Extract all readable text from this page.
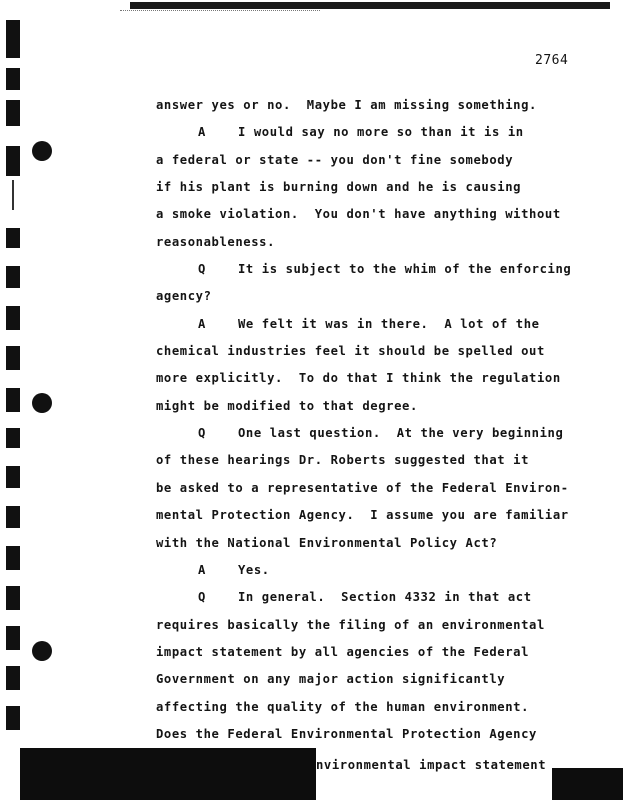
2764
answer yes or no.  Maybe I am missing something.
A	I would say no more so than it is in
a federal or state -- you don't fine somebody
if his plant is burning down and he is causing
a smoke violation.  You don't have anything without
reasonableness.
Q	It is subject to the whim of the enforcing
agency?
A	We felt it was in there.  A lot of the
chemical industries feel it should be spelled out
more explicitly.  To do that I think the regulation
might be modified to that degree.
Q	One last question.  At the very beginning
of these hearings Dr. Roberts suggested that it
be asked to a representative of the Federal Environ-
mental Protection Agency.  I assume you are familiar
with the National Environmental Policy Act?
A	Yes.
Q	In general.  Section 4332 in that act
requires basically the filing of an environmental
impact statement by all agencies of the Federal
Government on any major action significantly
affecting the quality of the human environment.
Does the Federal Environmental Protection Agency
nvironmental impact statement
